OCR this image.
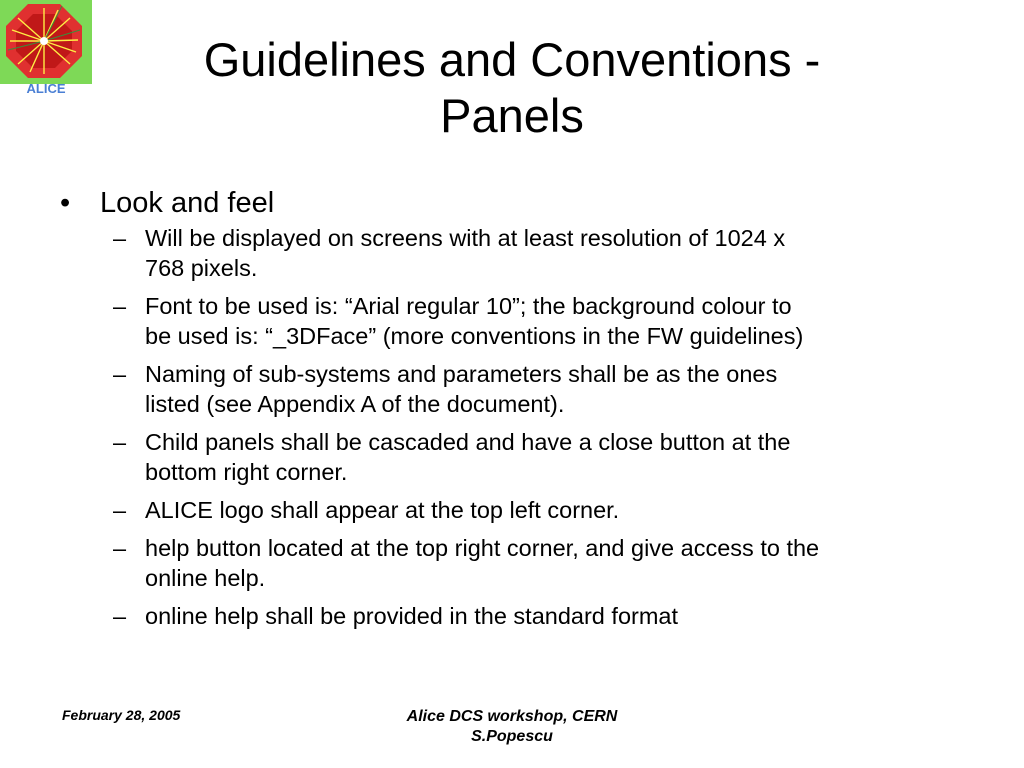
ALICE
Guidelines and Conventions -
Panels
• Look and feel
– Will be displayed on screens with at least resolution of 1024 x
768 pixels.
– Font to be used is: “Arial regular 10”; the background colour to
be used is: “_3DFace” (more conventions in the FW guidelines)
– Naming of sub-systems and parameters shall be as the ones
listed (see Appendix A of the document).
– Child panels shall be cascaded and have a close button at the
bottom right corner.
– ALICE logo shall appear at the top left corner.
– help button located at the top right corner, and give access to the
online help.
– online help shall be provided in the standard format
February 28, 2005	Alice DCS workshop, CERN
S.Popescu
